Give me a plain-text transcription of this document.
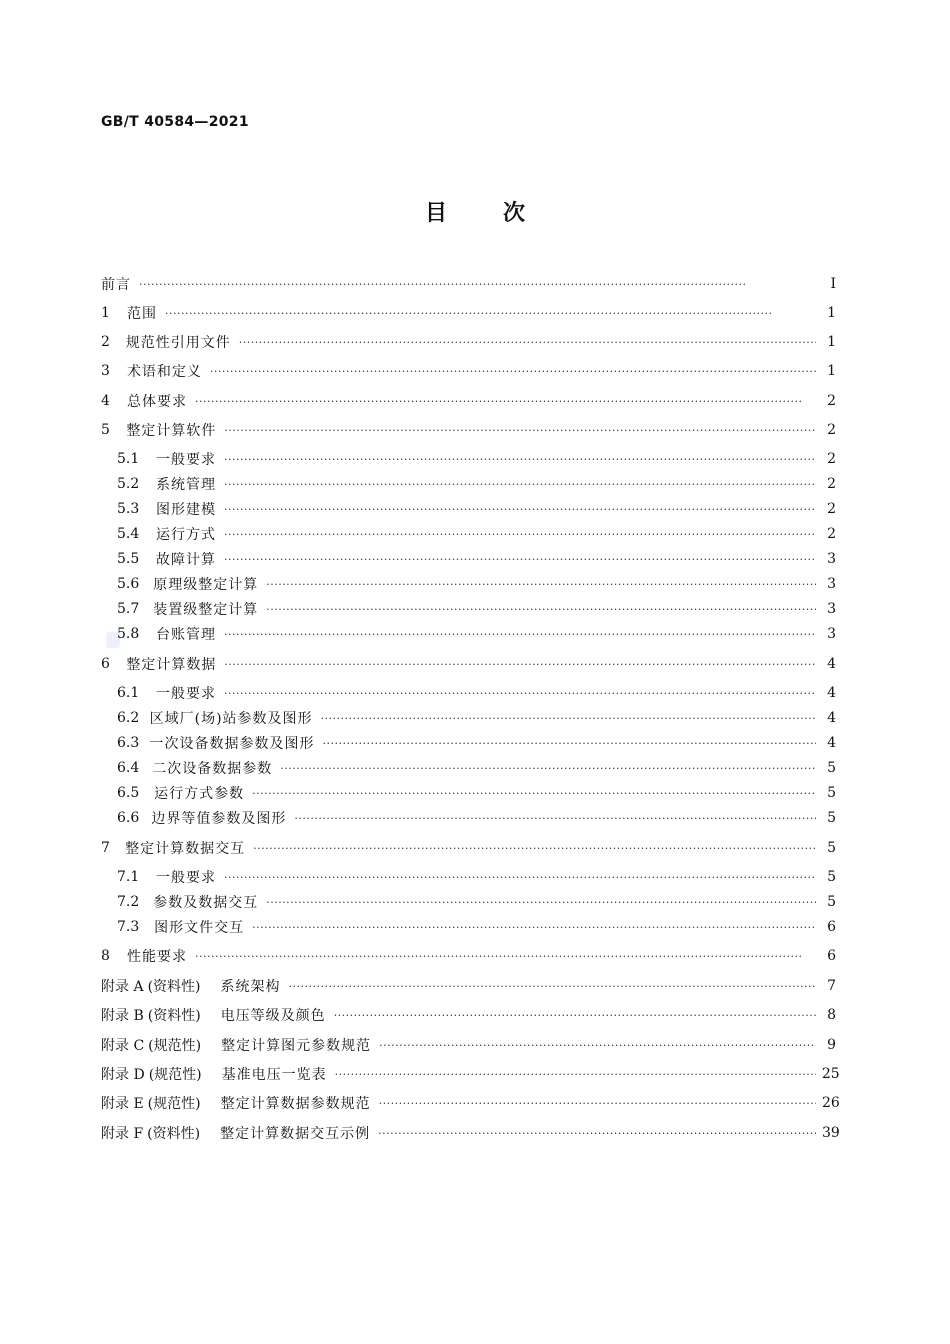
GB/T 40584—2021
目	次
前言 ·····	Ⅰ
1	范围 ·····	1
2	规范性引用文件 ·····	1
3	术语和定义 ·····	1
4	总体要求 ·····	2
5	整定计算软件 ·····	2
5.1	一般要求 ·····	2
5.2	系统管理 ·····	2
5.3	图形建模 ·····	2
5.4	运行方式 ·····	2
5.5	故障计算 ·····	3
5.6 原理级整定计算 ·····	3
5.7 装置级整定计算 ·····	3
5.8	台账管理 ·····	3
6	整定计算数据 ·····	4
6.1	一般要求 ·····	4
6.2 区域厂(场)站参数及图形 ·····	4
6.3 一次设备数据参数及图形 ·····	4
6.4 二次设备数据参数 ·····	5
6.5	运行方式参数 ·····	5
6.6 边界等值参数及图形 ·····	5
7	整定计算数据交互 ·····	5
7.1	一般要求 ·····	5
7.2 参数及数据交互 ·····	5
7.3	图形文件交互 ·····	6
8	性能要求 ·····	6
附录 A (资料性) 系统架构 ·····	7
附录 B (资料性) 电压等级及颜色 ·····	8
附录 C (规范性) 整定计算图元参数规范 ·····	9
附录 D (规范性) 基准电压一览表 ·····	25
附录 E (规范性) 整定计算数据参数规范 ·····	26
附录 F (资料性) 整定计算数据交互示例 ·····	39
